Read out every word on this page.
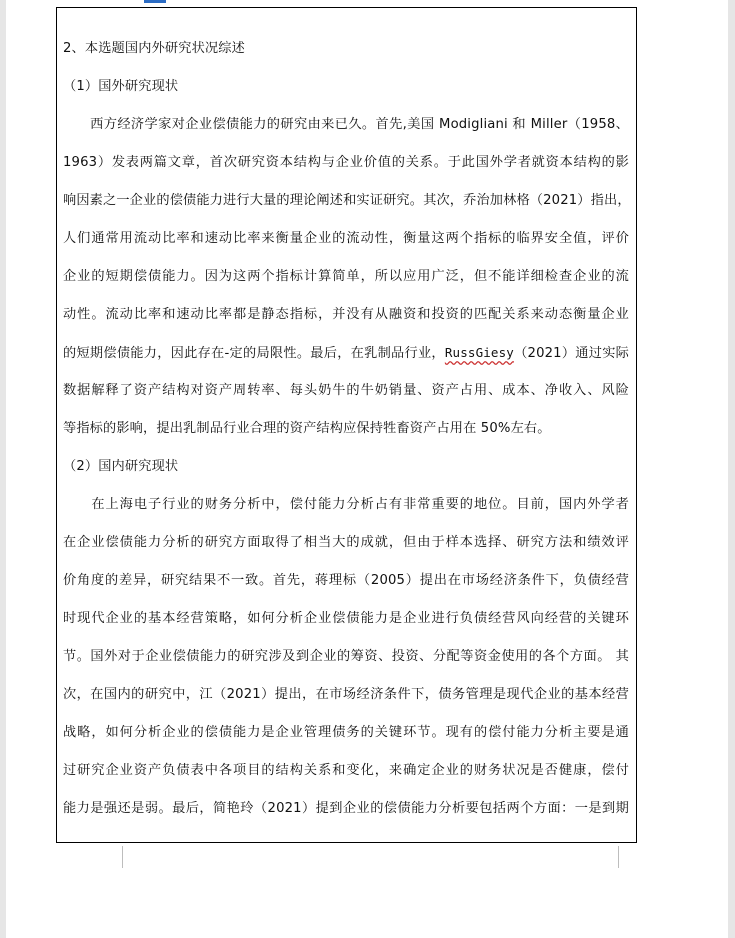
2、本选题国内外研究状况综述
（1）国外研究现状
　　西方经济学家对企业偿债能力的研究由来已久。首先,美国 Modigliani 和 Miller（1958、
1963）发表两篇文章，首次研究资本结构与企业价值的关系。于此国外学者就资本结构的影
响因素之一企业的偿债能力进行大量的理论阐述和实证研究。其次，乔治加林格（2021）指出，
人们通常用流动比率和速动比率来衡量企业的流动性，衡量这两个指标的临界安全值，评价
企业的短期偿债能力。因为这两个指标计算简单，所以应用广泛，但不能详细检查企业的流
动性。流动比率和速动比率都是静态指标，并没有从融资和投资的匹配关系来动态衡量企业
的短期偿债能力，因此存在-定的局限性。最后，在乳制品行业，RussGiesy（2021）通过实际
数据解释了资产结构对资产周转率、每头奶牛的牛奶销量、资产占用、成本、净收入、风险
等指标的影响，提出乳制品行业合理的资产结构应保持牲畜资产占用在 50%左右。
（2）国内研究现状
　　在上海电子行业的财务分析中，偿付能力分析占有非常重要的地位。目前，国内外学者
在企业偿债能力分析的研究方面取得了相当大的成就，但由于样本选择、研究方法和绩效评
价角度的差异，研究结果不一致。首先，蒋理标（2005）提出在市场经济条件下，负债经营
时现代企业的基本经营策略，如何分析企业偿债能力是企业进行负债经营风向经营的关键环
节。国外对于企业偿债能力的研究涉及到企业的筹资、投资、分配等资金使用的各个方面。 其
次，在国内的研究中，江（2021）提出，在市场经济条件下，债务管理是现代企业的基本经营
战略，如何分析企业的偿债能力是企业管理债务的关键环节。现有的偿付能力分析主要是通
过研究企业资产负债表中各项目的结构关系和变化，来确定企业的财务状况是否健康，偿付
能力是强还是弱。最后，简艳玲（2021）提到企业的偿债能力分析要包括两个方面：一是到期
